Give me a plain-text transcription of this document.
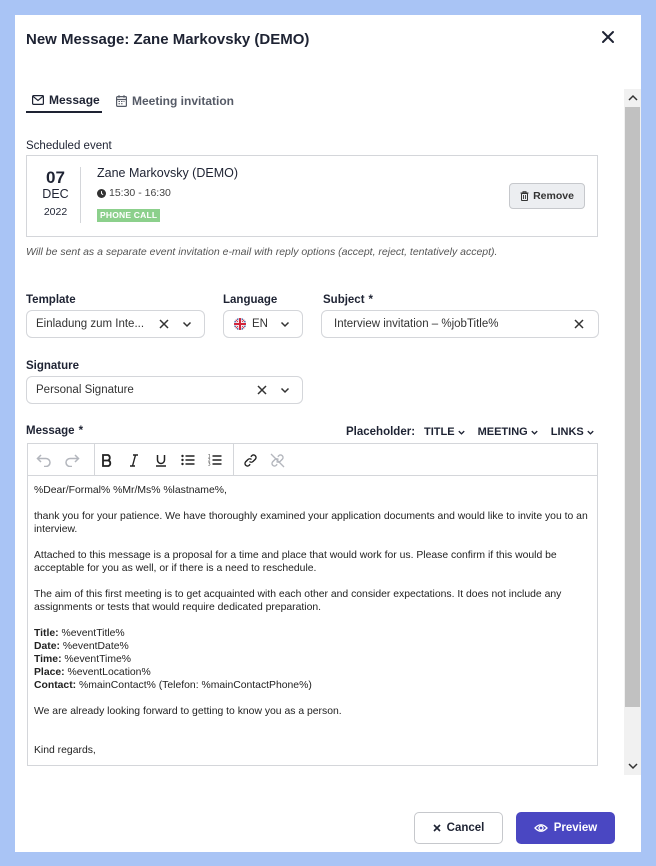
New Message: Zane Markovsky (DEMO)
Message	Meeting invitation
Scheduled event
07
DEC
2022
Zane Markovsky (DEMO)
15:30 - 16:30
PHONE CALL
Remove
Will be sent as a separate event invitation e-mail with reply options (accept, reject, tentatively accept).
Template
Einladung zum Inte...
Language
EN
Subject *
Interview invitation – %jobTitle%
Signature
Personal Signature
Message *	Placeholder: TITLE MEETING LINKS
1
2
3

%Dear/Formal% %Mr/Ms% %lastname%,

thank you for your patience. We have thoroughly examined your application documents and would like to invite you to an interview.

Attached to this message is a proposal for a time and place that would work for us. Please confirm if this would be acceptable for you as well, or if there is a need to reschedule.

The aim of this first meeting is to get acquainted with each other and consider expectations. It does not include any assignments or tests that would require dedicated preparation.

Title: %eventTitle%
Date: %eventDate%
Time: %eventTime%
Place: %eventLocation%
Contact: %mainContact% (Telefon: %mainContactPhone%)

We are already looking forward to getting to know you as a person.

Kind regards,

Cancel	Preview
